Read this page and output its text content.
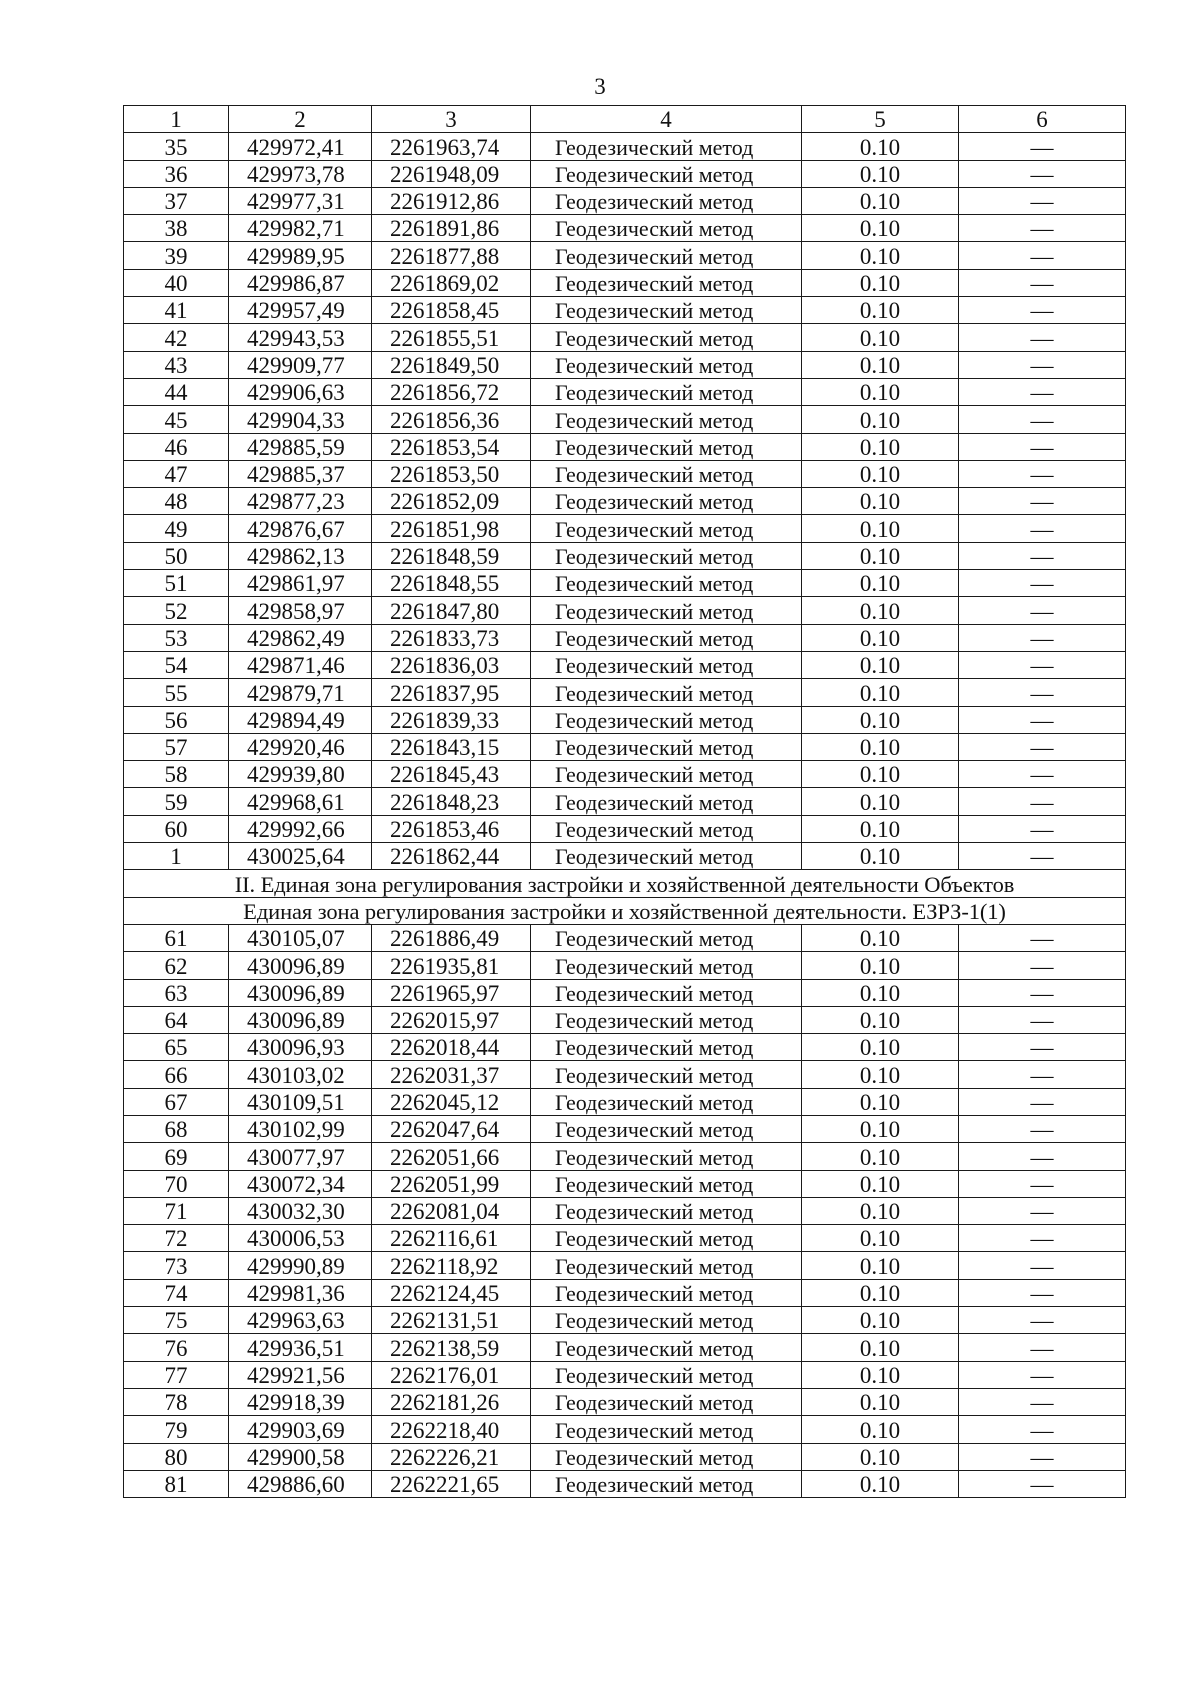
3
1	2	3	4	5	6
35	429972,41	2261963,74	Геодезический метод	0.10	—
36	429973,78	2261948,09	Геодезический метод	0.10	—
37	429977,31	2261912,86	Геодезический метод	0.10	—
38	429982,71	2261891,86	Геодезический метод	0.10	—
39	429989,95	2261877,88	Геодезический метод	0.10	—
40	429986,87	2261869,02	Геодезический метод	0.10	—
41	429957,49	2261858,45	Геодезический метод	0.10	—
42	429943,53	2261855,51	Геодезический метод	0.10	—
43	429909,77	2261849,50	Геодезический метод	0.10	—
44	429906,63	2261856,72	Геодезический метод	0.10	—
45	429904,33	2261856,36	Геодезический метод	0.10	—
46	429885,59	2261853,54	Геодезический метод	0.10	—
47	429885,37	2261853,50	Геодезический метод	0.10	—
48	429877,23	2261852,09	Геодезический метод	0.10	—
49	429876,67	2261851,98	Геодезический метод	0.10	—
50	429862,13	2261848,59	Геодезический метод	0.10	—
51	429861,97	2261848,55	Геодезический метод	0.10	—
52	429858,97	2261847,80	Геодезический метод	0.10	—
53	429862,49	2261833,73	Геодезический метод	0.10	—
54	429871,46	2261836,03	Геодезический метод	0.10	—
55	429879,71	2261837,95	Геодезический метод	0.10	—
56	429894,49	2261839,33	Геодезический метод	0.10	—
57	429920,46	2261843,15	Геодезический метод	0.10	—
58	429939,80	2261845,43	Геодезический метод	0.10	—
59	429968,61	2261848,23	Геодезический метод	0.10	—
60	429992,66	2261853,46	Геодезический метод	0.10	—
1	430025,64	2261862,44	Геодезический метод	0.10	—
II. Единая зона регулирования застройки и хозяйственной деятельности Объектов					
Единая зона регулирования застройки и хозяйственной деятельности. ЕЗРЗ-1(1)					
61	430105,07	2261886,49	Геодезический метод	0.10	—
62	430096,89	2261935,81	Геодезический метод	0.10	—
63	430096,89	2261965,97	Геодезический метод	0.10	—
64	430096,89	2262015,97	Геодезический метод	0.10	—
65	430096,93	2262018,44	Геодезический метод	0.10	—
66	430103,02	2262031,37	Геодезический метод	0.10	—
67	430109,51	2262045,12	Геодезический метод	0.10	—
68	430102,99	2262047,64	Геодезический метод	0.10	—
69	430077,97	2262051,66	Геодезический метод	0.10	—
70	430072,34	2262051,99	Геодезический метод	0.10	—
71	430032,30	2262081,04	Геодезический метод	0.10	—
72	430006,53	2262116,61	Геодезический метод	0.10	—
73	429990,89	2262118,92	Геодезический метод	0.10	—
74	429981,36	2262124,45	Геодезический метод	0.10	—
75	429963,63	2262131,51	Геодезический метод	0.10	—
76	429936,51	2262138,59	Геодезический метод	0.10	—
77	429921,56	2262176,01	Геодезический метод	0.10	—
78	429918,39	2262181,26	Геодезический метод	0.10	—
79	429903,69	2262218,40	Геодезический метод	0.10	—
80	429900,58	2262226,21	Геодезический метод	0.10	—
81	429886,60	2262221,65	Геодезический метод	0.10	—
